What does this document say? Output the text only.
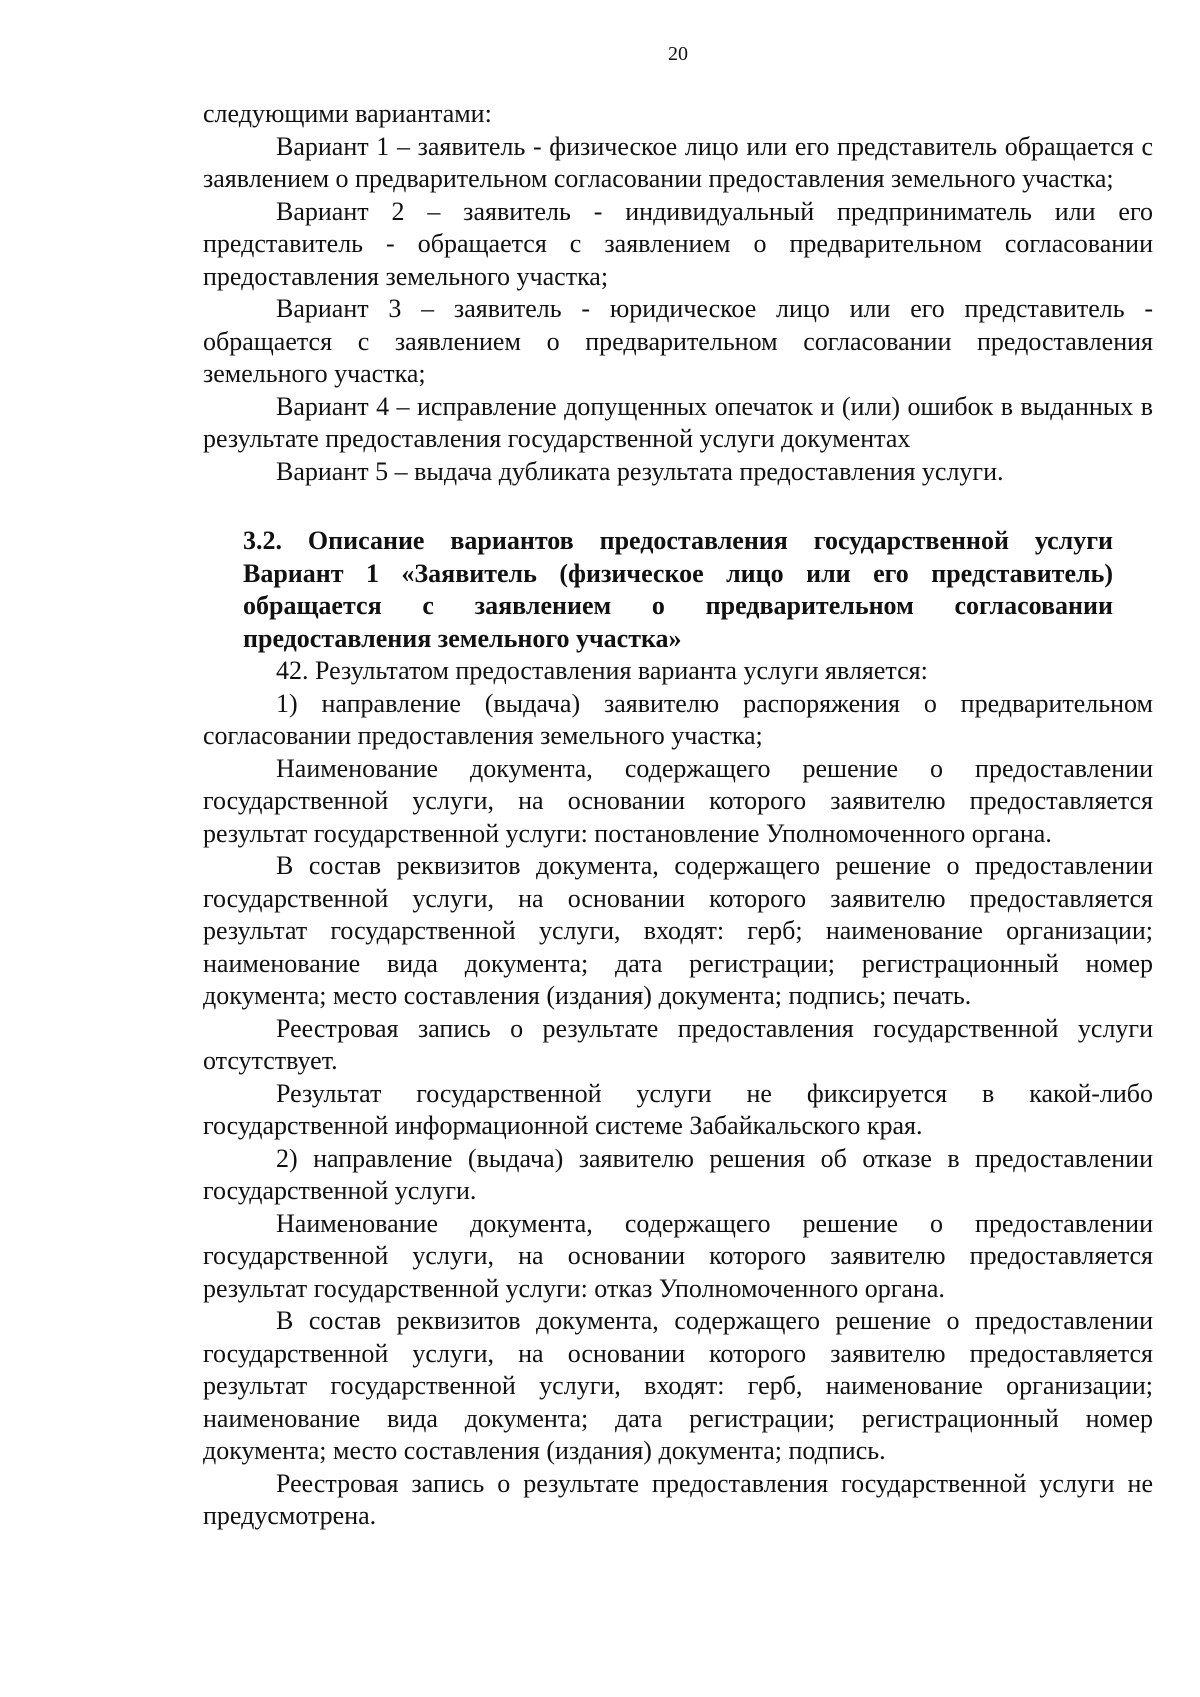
20

следующими вариантами:

Вариант 1 – заявитель - физическое лицо или его представитель обращается с заявлением о предварительном согласовании предоставления земельного участка;

Вариант 2 – заявитель - индивидуальный предприниматель или его представитель - обращается с заявлением о предварительном согласовании предоставления земельного участка;

Вариант 3 – заявитель - юридическое лицо или его представитель - обращается с заявлением о предварительном согласовании предоставления земельного участка;

Вариант 4 – исправление допущенных опечаток и (или) ошибок в выданных в результате предоставления государственной услуги документах

Вариант 5 – выдача дубликата результата предоставления услуги.

3.2. Описание вариантов предоставления государственной услуги Вариант 1 «Заявитель (физическое лицо или его представитель) обращается с заявлением о предварительном согласовании предоставления земельного участка»

42. Результатом предоставления варианта услуги является:

1) направление (выдача) заявителю распоряжения о предварительном согласовании предоставления земельного участка;

Наименование документа, содержащего решение о предоставлении государственной услуги, на основании которого заявителю предоставляется результат государственной услуги: постановление Уполномоченного органа.

В состав реквизитов документа, содержащего решение о предоставлении государственной услуги, на основании которого заявителю предоставляется результат государственной услуги, входят: герб; наименование организации; наименование вида документа; дата регистрации; регистрационный номер документа; место составления (издания) документа; подпись; печать.

Реестровая запись о результате предоставления государственной услуги отсутствует.

Результат государственной услуги не фиксируется в какой-либо государственной информационной системе Забайкальского края.

2) направление (выдача) заявителю решения об отказе в предоставлении государственной услуги.

Наименование документа, содержащего решение о предоставлении государственной услуги, на основании которого заявителю предоставляется результат государственной услуги: отказ Уполномоченного органа.

В состав реквизитов документа, содержащего решение о предоставлении государственной услуги, на основании которого заявителю предоставляется результат государственной услуги, входят: герб, наименование организации; наименование вида документа; дата регистрации; регистрационный номер документа; место составления (издания) документа; подпись.

Реестровая запись о результате предоставления государственной услуги не предусмотрена.
